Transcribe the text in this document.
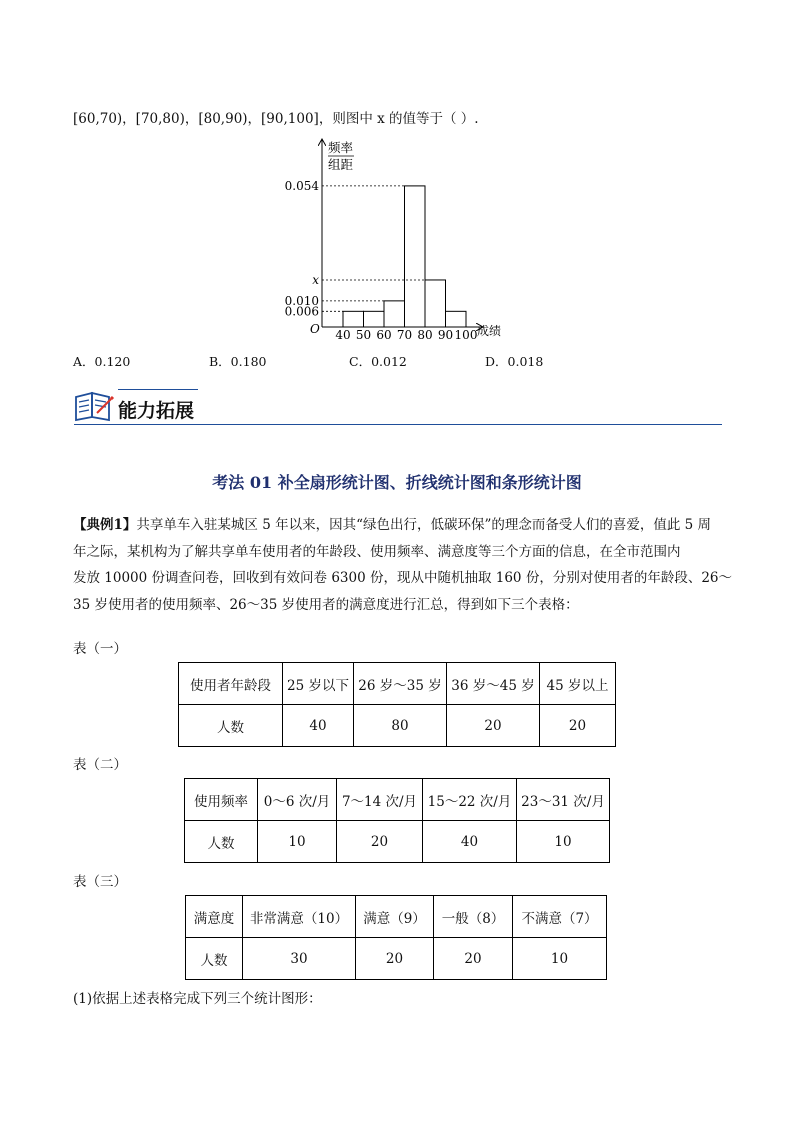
[60,70)，[70,80)，[80,90)，[90,100]，则图中 x 的值等于（ ）.
频率
组距
O	成绩
0.054
x
0.010
0.006
40 50 60 70 80 90 100
A．0.120	B．0.180	C．0.012	D．0.018
能力拓展
考法 01 补全扇形统计图、折线统计图和条形统计图

【典例1】共享单车入驻某城区 5 年以来，因其“绿色出行，低碳环保”的理念而备受人们的喜爱，值此 5 周

年之际，某机构为了解共享单车使用者的年龄段、使用频率、满意度等三个方面的信息，在全市范围内

发放 10000 份调查问卷，回收到有效问卷 6300 份，现从中随机抽取 160 份，分别对使用者的年龄段、26～

35 岁使用者的使用频率、26～35 岁使用者的满意度进行汇总，得到如下三个表格：

表（一）
使用者年龄段	25 岁以下	26 岁～35 岁	36 岁～45 岁	45 岁以上
人数	40	80	20	20
表（二）
使用频率	0～6 次/月	7～14 次/月	15～22 次/月	23～31 次/月
人数	10	20	40	10
表（三）
满意度	非常满意（10）	满意（9）	一般（8）	不满意（7）
人数	30	20	20	10
(1)依据上述表格完成下列三个统计图形：
